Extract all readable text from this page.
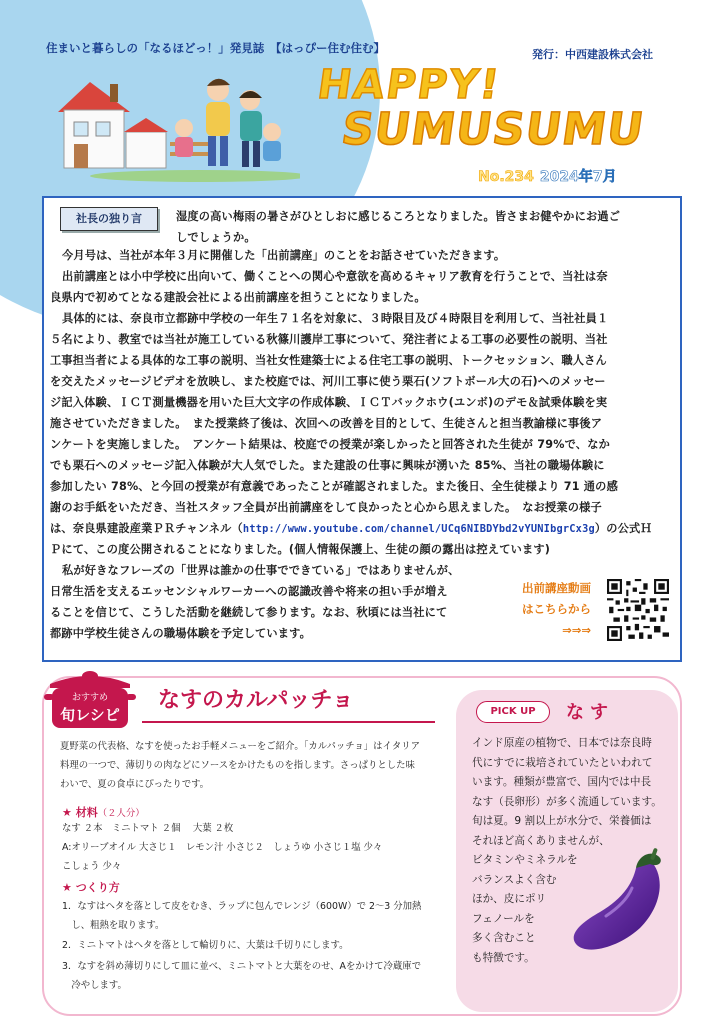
住まいと暮らしの「なるほどっ！」発見誌　【はっぴー住む住む】	発行：中西建設株式会社
HAPPY!
SUMUSUMU
No.234 2024年7月
社長の独り言	湿度の高い梅雨の暑さがひとしおに感じるころとなりました。皆さまお健やかにお過ご
しでしょうか。
今月号は、当社が本年３月に開催した「出前講座」のことをお話させていただきます。
出前講座とは小中学校に出向いて、働くことへの関心や意欲を高めるキャリア教育を行うことで、当社は奈
良県内で初めてとなる建設会社による出前講座を担うことになりました。
具体的には、奈良市立都跡中学校の一年生７１名を対象に、３時限目及び４時限目を利用して、当社社員１
５名により、教室では当社が施工している秋篠川護岸工事について、発注者による工事の必要性の説明、当社
工事担当者による具体的な工事の説明、当社女性建築士による住宅工事の説明、トークセッション、職人さん
を交えたメッセージビデオを放映し、また校庭では、河川工事に使う栗石(ソフトボール大の石)へのメッセー
ジ記入体験、ＩＣＴ測量機器を用いた巨大文字の作成体験、ＩＣＴバックホウ(ユンボ)のデモ＆試乗体験を実
施させていただきました。　また授業終了後は、次回への改善を目的として、生徒さんと担当教諭様に事後ア
ンケートを実施しました。　アンケート結果は、校庭での授業が楽しかったと回答された生徒が 79%で、なか
でも栗石へのメッセージ記入体験が大人気でした。また建設の仕事に興味が湧いた 85%、当社の職場体験に
参加したい 78%、と今回の授業が有意義であったことが確認されました。また後日、全生徒様より 71 通の感
謝のお手紙をいただき、当社スタッフ全員が出前講座をして良かったと心から思えました。　なお授業の様子
は、奈良県建設産業ＰＲチャンネル（http://www.youtube.com/channel/UCq6NIBDYbd2vYUNIbgrCx3g）の公式Ｈ
Ｐにて、この度公開されることになりました。(個人情報保護上、生徒の顔の露出は控えています)
私が好きなフレーズの「世界は誰かの仕事でできている」ではありませんが、
日常生活を支えるエッセンシャルワーカーへの認識改善や将来の担い手が増え
ることを信じて、こうした活動を継続して参ります。なお、秋頃には当社にて
都跡中学校生徒さんの職場体験を予定しています。
出前講座動画
はこちらから
⇒⇒⇒
おすすめ
旬レシピ
なすのカルパッチョ
夏野菜の代表格、なすを使ったお手軽メニューをご紹介。「カルパッチョ」はイタリア
料理の一つで、薄切りの肉などにソースをかけたものを指します。さっぱりとした味
わいで、夏の食卓にぴったりです。
★ 材料（２人分）
なす ２本　ミニトマト ２個　 大葉 ２枚
A:オリーブオイル 大さじ１　レモン汁 小さじ２　しょうゆ 小さじ１塩 少々
こしょう 少々
★ つくり方
1．なすはヘタを落として皮をむき、ラップに包んでレンジ（600W）で 2～3 分加熱
　し、粗熱を取ります。
2．ミニトマトはヘタを落として輪切りに、大葉は千切りにします。
3．なすを斜め薄切りにして皿に並べ、ミニトマトと大葉をのせ、Aをかけて冷蔵庫で
　冷やします。
PICK UP	なす
インド原産の植物で、日本では奈良時
代にすでに栽培されていたといわれて
います。種類が豊富で、国内では中長
なす（長卵形）が多く流通しています。
旬は夏。9 割以上が水分で、栄養価は
それほど高くありませんが、
ビタミンやミネラルを
バランスよく含む
ほか、皮にポリ
フェノールを
多く含むこと
も特徴です。
